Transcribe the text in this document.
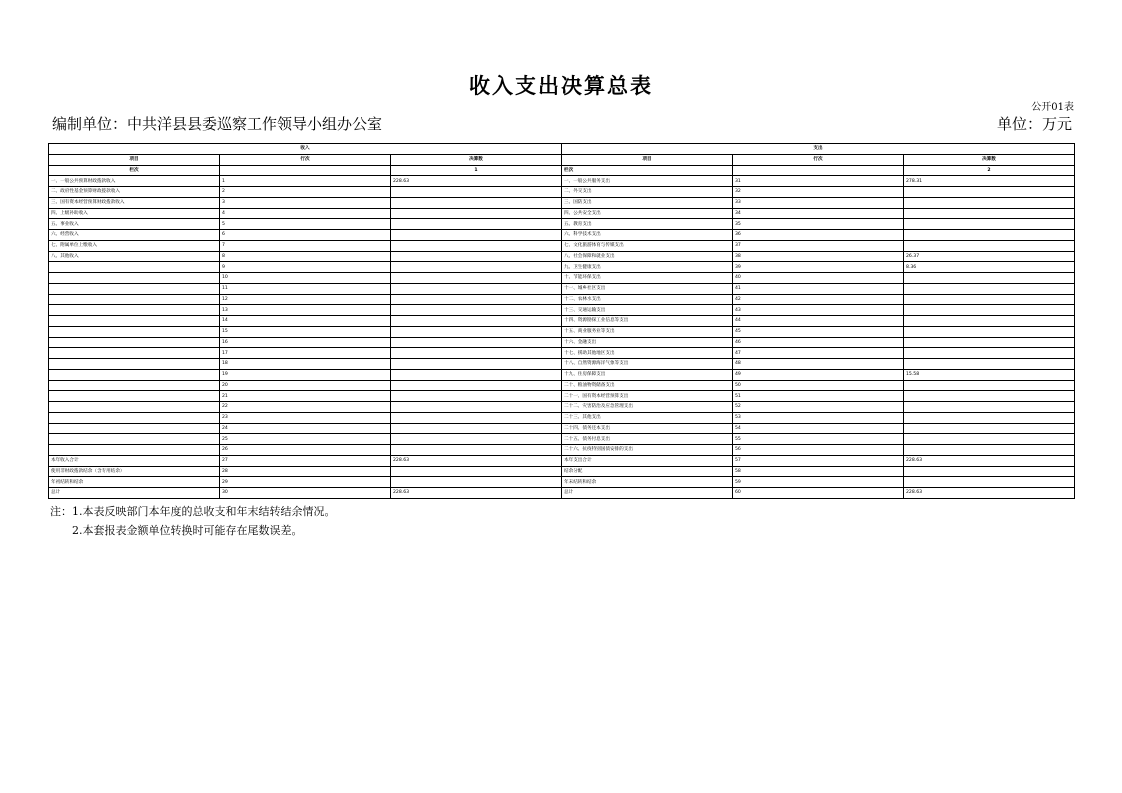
收入支出决算总表
公开01表
编制单位：中共洋县县委巡察工作领导小组办公室	单位：万元
收入			支出		
项目	行次	决算数	项目	行次	决算数
栏次		1	栏次		2
一、一般公共预算财政拨款收入	1	228.63	一、一般公共服务支出	31	278.31
二、政府性基金预算财政拨款收入	2		二、外交支出	32	
三、国有资本经营预算财政拨款收入	3		三、国防支出	33	
四、上级补助收入	4		四、公共安全支出	34	
五、事业收入	5		五、教育支出	35	
六、经营收入	6		六、科学技术支出	36	
七、附属单位上缴收入	7		七、文化旅游体育与传媒支出	37	
八、其他收入	8		八、社会保障和就业支出	38	26.37
	9		九、卫生健康支出	39	8.36
	10		十、节能环保支出	40	
	11		十一、城乡社区支出	41	
	12		十二、农林水支出	42	
	13		十三、交通运输支出	43	
	14		十四、资源勘探工业信息等支出	44	
	15		十五、商业服务业等支出	45	
	16		十六、金融支出	46	
	17		十七、援助其他地区支出	47	
	18		十八、自然资源海洋气象等支出	48	
	19		十九、住房保障支出	49	15.58
	20		二十、粮油物资储备支出	50	
	21		二十一、国有资本经营预算支出	51	
	22		二十二、灾害防治及应急管理支出	52	
	23		二十三、其他支出	53	
	24		二十四、债务还本支出	54	
	25		二十五、债务付息支出	55	
	26		二十六、抗疫特别国债安排的支出	56	
本年收入合计	27	228.63	本年支出合计	57	228.63
使用非财政拨款结余（含专用结余）	28		结余分配	58	
年初结转和结余	29		年末结转和结余	59	
总计	30	228.63	总计	60	228.63
注：1.本表反映部门本年度的总收支和年末结转结余情况。
2.本套报表金额单位转换时可能存在尾数误差。
